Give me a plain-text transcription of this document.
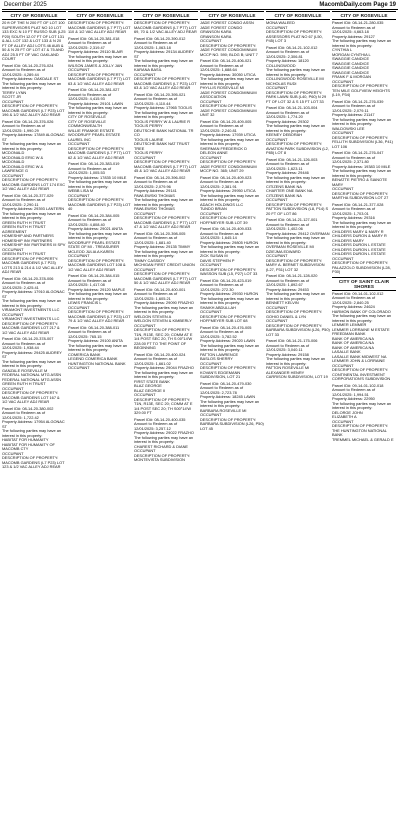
December 2025	MacombDaily.com Page 19
CITY OF ROSEVILLE
20 ft OF THE N 200 FT OF LOT 100 SUPERVISORS PLAT NO 10 LOT 133 EXC N 10 FT RUSSO SUB (L25 P20) SOUTH 12.07 FT OF LOT 131 & ALL LOT 132 & LOT 133 & N 20 FT OF ALLEY ADJ LOTS 46 AUB & 50 & N 25 FT OF LOT 47 & 75 AND ADJ 25.5 FT OF VAC OAKLAND COURT
Parcel ID#: 08-14-20-276-024
Amount to Redeem as of 12/01/2025: 4,289.44
Property Address: OAKDALE ST
The following parties may have an interest in this property:
TERRY LYNN
SCOTT JR
OCCUPANT
DESCRIPTION OF PROPERTY:
MACOMB GARDENS (L7 P23) LOT 196 & 1/2 VAC ALLEY ADJ REAR
Parcel ID#: 08-14-20-376-026
Amount to Redeem as of 12/01/2025: 1,990.29
Property Address: 17849 ALGONAC ST
The following parties may have an interest in this property:
MCDONALD
MCDONALD ERIC W &
MCDONALD
MCDONALD ERIC W &
LAWRENCE G
OCCUPANT
DESCRIPTION OF PROPERTY:
MACOMB GARDENS LOT 174 EXC 1/2 VAC ALLEY ADJ REAR
Parcel ID#: 08-14-20-377-029
Amount to Redeem as of 12/01/2025: 2,290.11
Property Address: 29393 LANTERN
The following parties may have an interest in this property:
GREEN RUTH H TRUST
GREEN RUTH H TRUST AGREEMENT
HOMESHIP AND PARTNERS
HOMESHIP INV PARTNERS
HOMESHIP INV PARTNERS III SPV
OCCUPANT
GREEN RUTH H TRUST
DESCRIPTION OF PROPERTY:
MACOMB GARDENS (L7 P23) LOTS 213 & 214 & 1/2 VAC ALLEY ADJ REAR
Parcel ID#: 08-14-20-378-006
Amount to Redeem as of 12/01/2025: 2,425.41
Property Address: 17910 ALGONAC ST
The following parties may have an interest in this property:
VIRAMONT INVESTMENTS LLC
OCCUPANT
VIRAMONT INVESTMENTS LLC
DESCRIPTION OF PROPERTY:
MACOMB GARDENS LOT 217 & 1/2 VAC ALLEY ADJ REAR
Parcel ID#: 08-14-20-378-007
Amount to Redeem as of 12/01/2025: 1,938.44
Property Address: 29425 AUDREY ST
The following parties may have an interest in this property:
GANZALE ROSEVILLE M
FEDERAL NATIONAL MTG ASSN
FEDERAL NATIONAL MTG ASSN
GREEN RUTH H TRUST
OCCUPANT
DESCRIPTION OF PROPERTY:
MACOMB GARDENS LOT 167 & 1/2 VAC ALLEY ADJ REAR
Parcel ID#: 08-14-20-380-002
Amount to Redeem as of 12/01/2025: 1,722.42
Property Address: 17954 ALGONAC ST
The following parties may have an interest in this property:
HABITAT FOR HUMANITY
HABITAT FOR HUMANITY OF MACOMB CTY
OCCUPANT
DESCRIPTION OF PROPERTY:
MACOMB GARDENS (L7 P23) LOT 123 & 1/2 VAC ALLEY ADJ REAR
CITY OF ROSEVILLE
DESCRIPTION OF PROPERTY:
MACOMB GARDENS (L7 P77) LOT 110 & 1/2 VAC ALLEY ADJ REAR
Parcel ID#: 08-14-20-381-018
Amount to Redeem as of 12/01/2025: 2,319.47
Property Address: 29110 BLAIR
The following parties may have an interest in this property:
WILSON JAMES & JOLLY JAN
OCCUPANT
DESCRIPTION OF PROPERTY:
MACOMB GARDENS (L7 P77) LOT 63 & 1/2 VAC ALLEY ADJ REAR
Parcel ID#: 08-14-20-381-027
Amount to Redeem as of 12/01/2025: 4,415.93
Property Address: 29101 LAWN
The following parties may have an interest in this property:
CITY OF ROSEVILLE
CITY OF ROSEVILLE
COMMONWEALTH
WILLIE FRANKIE ESTATE
WOODRUFF PEARL ESTATE
LAUREL INC
OCCUPANT
DESCRIPTION OF PROPERTY:
MACOMB GARDENS (L7 P77) LOT 62 & 1/2 VAC ALLEY ADJ REAR
Parcel ID#: 08-14-20-383-019
Amount to Redeem as of 12/01/2025: 1,005.53
Property Address: 17835 10 MILE
The following parties may have an interest in this property:
WEBB LISA M
OCCUPANT
DESCRIPTION OF PROPERTY:
MACOMB GARDENS (L7 P23) LOT 40
Parcel ID#: 08-14-20-384-005
Amount to Redeem as of 12/01/2025: 4,808.40
Property Address: 29021 ANITA
The following parties may have an interest in this property:
WOODRUFF PEARL ESTATE
STATE OF MI - TREASURER
MCLEOD JULIA A KAREN
OCCUPANT
DESCRIPTION OF PROPERTY:
MACOMB GARDENS LOT 108 & 1/2 VAC ALLEY ADJ REAR
Parcel ID#: 08-14-20-384-015
Amount to Redeem as of 12/01/2025: 1,417.08
Property Address: 29120 MAPLE
The following parties may have an interest in this property:
LEWIS FRANCIS L
OCCUPANT
DESCRIPTION OF PROPERTY:
MACOMB GARDENS (L7 P23) LOT 79 & 1/2 VAC ALLEY ADJ REAR
Parcel ID#: 08-14-20-388-011
Amount to Redeem as of 12/01/2025: 765.15
Property Address: 29100 ANITA
The following parties may have an interest in this property:
COMERICA BANK
LEGEND COMERICA BANK
HUNTINGTON NATIONAL BANK
OCCUPANT
CITY OF ROSEVILLE
DESCRIPTION OF PROPERTY:
MACOMB GARDENS (L7 P77) LOT 69, 70 & 1/2 VAC ALLEY ADJ REAR
Parcel ID#: 08-14-20-390-012
Amount to Redeem as of 12/01/2025: 1,063.18
Property Address: 29134 AUDREY ST
The following parties may have an interest in this property:
KARANA BASIL
OCCUPANT
DESCRIPTION OF PROPERTY:
MACOMB GARDENS (L7 P23) LOT 63 & 1/2 VAC ALLEY ADJ REAR
Parcel ID#: 08-14-20-395-021
Amount to Redeem as of 12/01/2025: 4,110.44
Property Address: 17965 TOOLIS
The following parties may have an interest in this property:
TOOLIS PERRY W & LAURIE R
TOOLIS PERRY
DEUTSCHE BANK NATIONAL TR CO
TOOLIS LAURIE
DEUTSCHE BANK NAT TRUST TREE
TOOLIS PERRY
OCCUPANT
DESCRIPTION OF PROPERTY:
MACOMB GARDENS (L7 P77) LOT 45 & 1/2 VAC ALLEY ADJ REAR
Parcel ID#: 08-14-20-396-002
Amount to Redeem as of 12/01/2025: 2,079.96
Property Address: 29141 PAWLEWSKI THOMAS
The following parties may have an interest in this property:
PAWLEWSKI THOMAS
OCCUPANT
DESCRIPTION OF PROPERTY:
MACOMB GARDENS (L7 P77) LOT 47 & 1/2 VAC ALLEY ADJ REAR
Parcel ID#: 08-14-20-398-005
Amount to Redeem as of 12/01/2025: 1,681.40
Property Address: 29135 TIMMY
The following parties may have an interest in this property:
TIMMY CASSIDY
MICHIGAN FIRST CREDIT UNION
OCCUPANT
DESCRIPTION OF PROPERTY:
MACOMB GARDENS (L7 P77) LOT 50 & 1/2 VAC ALLEY ADJ REAR
Parcel ID#: 08-14-20-400-001
Amount to Redeem as of 12/01/2025: 1,605.21
Property Address: 29090 FRAZHO
The following parties may have an interest in this property:
WELDON STEVEN A
WELDON STEVEN & KIMBERLY
OCCUPANT
DESCRIPTION OF PROPERTY:
T1N, R13E, SEC 20; COMM AT E 1/4 POST SEC 20, TH S 00°14'W 228.00 FT TO THE POINT OF BEGINNING
Parcel ID#: 08-14-20-400-024
Amount to Redeem as of 12/01/2025: 1,661.02
Property Address: 29044 FRAZHO
The following parties may have an interest in this property:
FIRST STATE BANK
BLAZ GEORGE
BLAZ GEORGE II
OCCUPANT
DESCRIPTION OF PROPERTY:
T1N, R13E, SEC 20; COMM AT E 1/4 POST SEC 20; TH S00°14'W 329.00 FT
Parcel ID#: 08-14-20-400-035
Amount to Redeem as of 12/01/2025: 3,257.12
Property Address: 29022 FRAZHO
The following parties may have an interest in this property:
CHAREST RICHARD & DIANE
OCCUPANT
DESCRIPTION OF PROPERTY:
MONTEVISTA SUBDIVISION
CITY OF ROSEVILLE
JADE FOREST CONDO ASSN
JADE FOREST CONDO
GRANSON KARA
GRANSON KARA
OCCUPANT
DESCRIPTION OF PROPERTY:
JADE FOREST CONDOMINIUM MCCP NO. 590; BLDG B; UNIT 7
Parcel ID#: 08-14-20-406-021
Amount to Redeem as of 12/01/2025: 1,688.64
Property Address: 30050 UTICA
The following parties may have an interest in this property:
PHYLLIS ROSEVILLE MI
JADE FOREST CONDOMINIUM ASSOCIATION
OCCUPANT
DESCRIPTION OF PROPERTY:
JADE FOREST CONDOMINIUM UNIT 32
Parcel ID#: 08-14-20-409-005
Amount to Redeem as of 12/01/2025: 2,240.81
Property Address: 17939 UTICA
The following parties may have an interest in this property:
SHERMAN FREDERICK D
DELEON ANNE
OCCUPANT
DESCRIPTION OF PROPERTY:
JADE FOREST CONDOMINIUM MCCP NO. 365; UNIT 29
Parcel ID#: 08-14-20-409-023
Amount to Redeem as of 12/01/2025: 2,381.91
Property Address: 29950 UTICA
The following parties may have an interest in this property:
ADACH HOLDINGS LLC
TUNDO BRIAN
OCCUPANT
DESCRIPTION OF PROPERTY:
HOFFMEYER SUB LOT 39
Parcel ID#: 08-14-20-409-033
Amount to Redeem as of 12/01/2025: 1,645.14
Property Address: 29805 HURON
The following parties may have an interest in this property:
ZICK SUSAN M
DAVIS STEPHEN P
OCCUPANT
DESCRIPTION OF PROPERTY:
WASSON SUB (L5, P27) LOT 33
Parcel ID#: 08-14-20-423-019
Amount to Redeem as of 12/01/2025: 272.30
Property Address: 29930 HURON
The following parties may have an interest in this property:
SHAIKH ABDULLAH
OCCUPANT
DESCRIPTION OF PROPERTY:
HOFFMEYER SUB LOT 68
Parcel ID#: 08-14-20-476-005
Amount to Redeem as of 12/01/2025: 3,782.52
Property Address: 29020 LAWN
The following parties may have an interest in this property:
PATTON LAWRENCE
BASLOS SHERRY
OCCUPANT
DESCRIPTION OF PROPERTY:
KOVAN'S EDGEMANN SUBDIVISION, LOT 21
Parcel ID#: 08-14-20-479-030
Amount to Redeem as of 12/01/2025: 2,723.78
Property Address: 18245 LAWN
The following parties may have an interest in this property:
BARBARA ROSEVILLE MI
OCCUPANT
DESCRIPTION OF PROPERTY:
BARBARA SUBDIVISION (L26, P50) LOT 45
CITY OF ROSEVILLE
MONA WALEED
OCCUPANT
DESCRIPTION OF PROPERTY:
ASSESSORS PLAT NO 67 (L50, P45) LOT 3
Parcel ID#: 08-14-21-102-012
Amount to Redeem as of 12/01/2025: 2,306.81
Property Address: 18120 COLLINGWOOD
The following parties may have an interest in this property:
COLLINGWOOD ROSEVILLE MI
NICHOLAS RUDI
OCCUPANT
DESCRIPTION OF PROPERTY:
PARK LAWN SUB (L40, P60) N 29 FT OF LOT 32 & S 15 FT LOT 33
Parcel ID#: 08-14-21-103-004
Amount to Redeem as of 12/01/2025: 1,774.20
Property Address: 29302
The following parties may have an interest in this property:
KEENEY DEBORAH
OCCUPANT
DESCRIPTION OF PROPERTY:
AVIATION PARK SUBDIVISION (L2, P85) LOT 8
Parcel ID#: 08-14-21-126-003
Amount to Redeem as of 12/01/2025: 1,623.11
Property Address: 29446
The following parties may have an interest in this property:
CITIZENS BANK NA
CHARTER ONE BANK NA
CITIZENS BANK NA
OCCUPANT
DESCRIPTION OF PROPERTY:
PATTON SUBDIVISION (L8, P14) S 20 FT OF LOT 86
Parcel ID#: 08-14-21-127-001
Amount to Redeem as of 12/01/2025: 1,402.06
Property Address: 29412 OVERMAN
The following parties may have an interest in this property:
OVERMAN ROSEVILLE MI
DZIEJMA EDWARD
OCCUPANT
DESCRIPTION OF PROPERTY:
MARY A. BERNET SUBDIVISION (L27, P31) LOT 32
Parcel ID#: 08-14-21-128-020
Amount to Redeem as of 12/01/2025: 1,892.67
Property Address: 29453
The following parties may have an interest in this property:
BENNETT KELVIN
OCCUPANT
DESCRIPTION OF PROPERTY:
GOHIO DANIEL & LYN
OCCUPANT
DESCRIPTION OF PROPERTY:
BARBARA SUBDIVISION (L26, P50) LOT 33
Parcel ID#: 08-14-21-175-006
Amount to Redeem as of 12/01/2025: 3,040.11
Property Address: 29158
The following parties may have an interest in this property:
PATTON ROSEVILLE MI
ALEXANDER HENRY
CARRISON SUBDIVISION, LOT 19
CITY OF ROSEVILLE
Parcel ID#: 08-14-21-280-035
Amount to Redeem as of 12/01/2025: 4,663.18
Property Address: 29127
The following parties may have an interest in this property:
CYNTHIA L
MORGAN CYNTHIA L
SWAGGIE CANDICE
SWAGGIE CANDICE
SWAGGIE CANDICE
SWAGGIE CANDICE
FRANK F & MORGAN
OCCUPANT
DESCRIPTION OF PROPERTY:
TEN MILE GOLFVIEW HEIGHTS (L19, P34)
Parcel ID#: 08-14-21-276-039
Amount to Redeem as of 12/01/2025: 2,079.11
Property Address: 21147
The following parties may have an interest in this property:
WALDOWSKI LEE
OCCUPANT
DESCRIPTION OF PROPERTY:
FELLITH SUBDIVISION (L36, P41) LOT 106
Parcel ID#: 08-14-21-276-047
Amount to Redeem as of 12/01/2025: 2,371.80
Property Address: 19383 10 MILE
The following parties may have an interest in this property:
BENATTE PIETRO & SIANOTE MARY
OCCUPANT
DESCRIPTION OF PROPERTY:
MARTHA SUBDIVISION LOT 27
Parcel ID#: 08-14-21-377-028
Amount to Redeem as of 12/01/2025: 1,703.01
Property Address: 29316
The following parties may have an interest in this property:
CHILDERS MARY & MARY R
CHILDERS DURON & MARY R
CHILDERS MARY
CHILDERS DURON L ESTATE
CHILDERS DURON L ESTATE
CHILDERS DURON L ESTATE
OCCUPANT
DESCRIPTION OF PROPERTY:
PALAZZOLO SUBDIVISION (L28, P30)
CITY OF SAINT CLAIR SHORES
Parcel ID#: 09-14-01-102-012
Amount to Redeem as of 12/01/2025: 2,840.25
Property Address: 24624
HARMON BANK OF COLORADO
The following parties may have an interest in this property:
LEMMER LEMMER
LEMMER LORRAINE M ESTATE
FREEDMAN BANK
BANK OF AMERICA NA
BANK OF AMERICA NA
BANK OF AMERICA NA
LASALLE BANK
LASALLE BANK MIDWEST NA
LEMMER JOHN & LORRAINE
OCCUPANT
DESCRIPTION OF PROPERTY:
CONTINENTAL INVESTMENT CORPORATION'S SUBDIVISION
Parcel ID#: 09-14-01-102-018
Amount to Redeem as of 12/01/2025: 1,994.51
Property Address: 22950
The following parties may have an interest in this property:
DELORGE JOHN
ELIZABETH A
OCCUPANT
DESCRIPTION OF PROPERTY:
THE HUNTINGTON NATIONAL BANK
TREMMEL MICHAEL & GERALD E
